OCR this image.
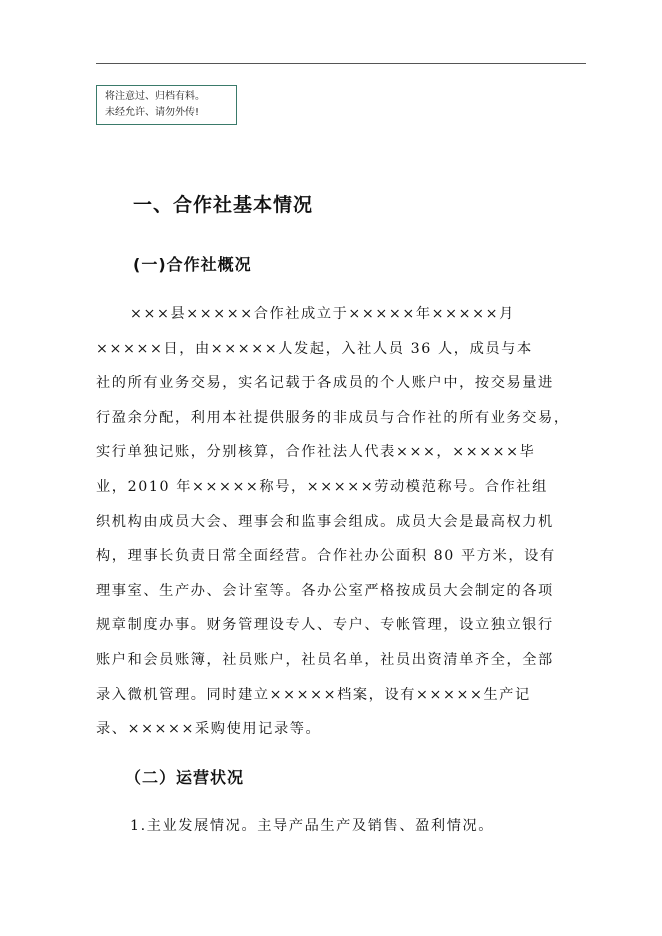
将注意过、归档有料。
未经允许、请勿外传!
一、合作社基本情况
(一)合作社概况
×××县×××××合作社成立于×××××年×××××月
×××××日，由×××××人发起，入社人员 36 人，成员与本
社的所有业务交易，实名记载于各成员的个人账户中，按交易量进
行盈余分配，利用本社提供服务的非成员与合作社的所有业务交易，
实行单独记账，分别核算，合作社法人代表×××，×××××毕
业，2010 年×××××称号，×××××劳动模范称号。合作社组
织机构由成员大会、理事会和监事会组成。成员大会是最高权力机
构，理事长负责日常全面经营。合作社办公面积 80 平方米，设有
理事室、生产办、会计室等。各办公室严格按成员大会制定的各项
规章制度办事。财务管理设专人、专户、专帐管理，设立独立银行
账户和会员账簿，社员账户，社员名单，社员出资清单齐全，全部
录入微机管理。同时建立×××××档案，设有×××××生产记
录、×××××采购使用记录等。
（二）运营状况
1.主业发展情况。主导产品生产及销售、盈利情况。
